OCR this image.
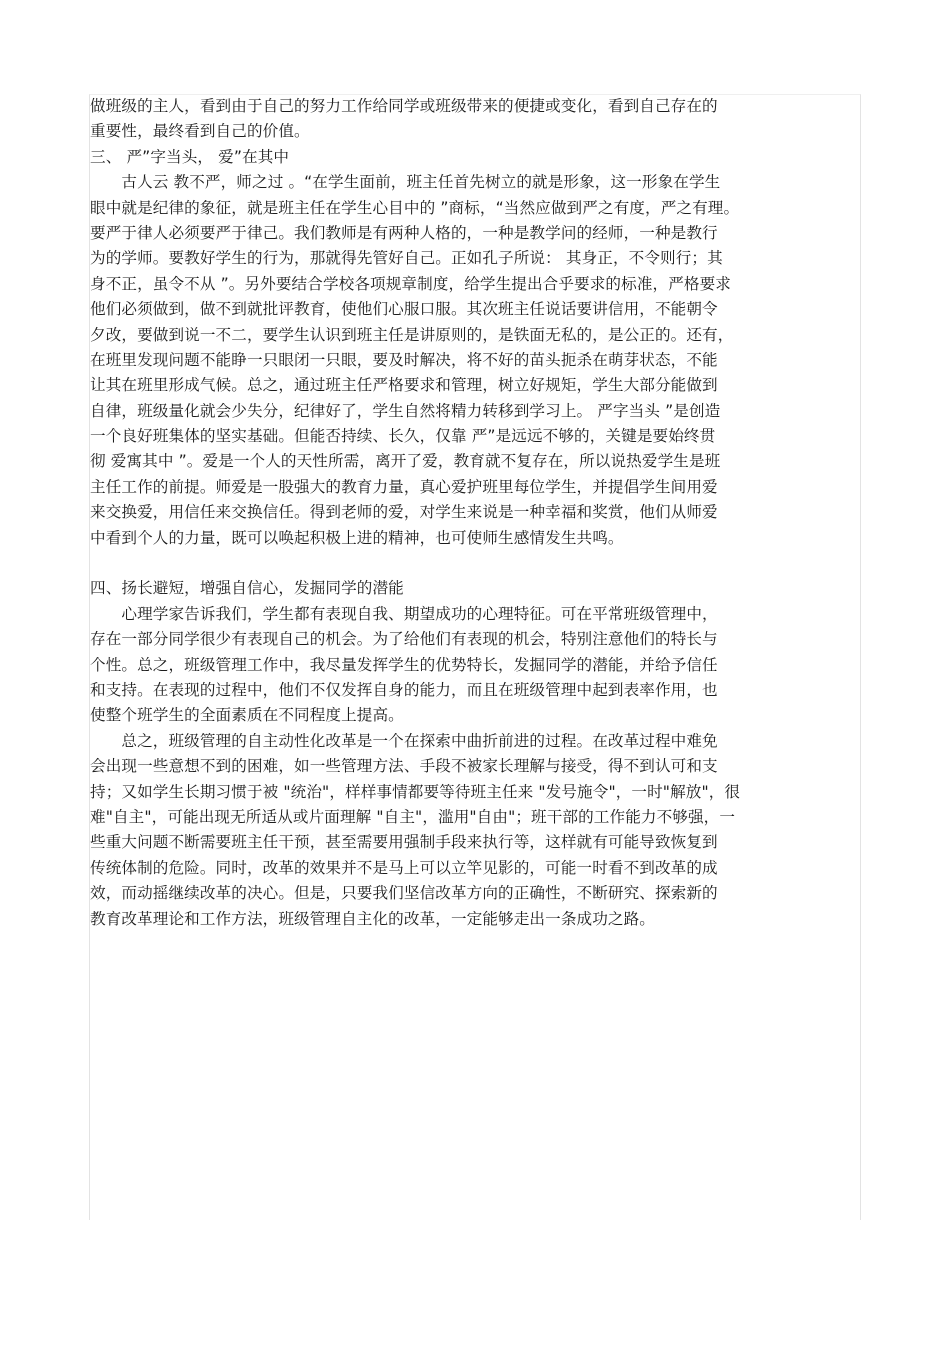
做班级的主人，看到由于自己的努力工作给同学或班级带来的便捷或变化，看到自己存在的
重要性，最终看到自己的价值。
三、 严”字当头， 爱”在其中
　　古人云 教不严，师之过 。“在学生面前，班主任首先树立的就是形象，这一形象在学生
眼中就是纪律的象征，就是班主任在学生心目中的 ”商标，“当然应做到严之有度，严之有理。
要严于律人必须要严于律己。我们教师是有两种人格的，一种是教学问的经师，一种是教行
为的学师。要教好学生的行为，那就得先管好自己。正如孔子所说： 其身正，不令则行；其
身不正，虽令不从 ”。另外要结合学校各项规章制度，给学生提出合乎要求的标准，严格要求
他们必须做到，做不到就批评教育，使他们心服口服。其次班主任说话要讲信用，不能朝令
夕改，要做到说一不二，要学生认识到班主任是讲原则的，是铁面无私的，是公正的。还有，
在班里发现问题不能睁一只眼闭一只眼，要及时解决，将不好的苗头扼杀在萌芽状态，不能
让其在班里形成气候。总之，通过班主任严格要求和管理，树立好规矩，学生大部分能做到
自律，班级量化就会少失分，纪律好了，学生自然将精力转移到学习上。 严字当头 ”是创造
一个良好班集体的坚实基础。但能否持续、长久，仅靠 严”是远远不够的，关键是要始终贯
彻 爱寓其中 ”。爱是一个人的天性所需，离开了爱，教育就不复存在，所以说热爱学生是班
主任工作的前提。师爱是一股强大的教育力量，真心爱护班里每位学生，并提倡学生间用爱
来交换爱，用信任来交换信任。得到老师的爱，对学生来说是一种幸福和奖赏，他们从师爱
中看到个人的力量，既可以唤起积极上进的精神，也可使师生感情发生共鸣。
四、扬长避短，增强自信心，发掘同学的潜能
　　心理学家告诉我们，学生都有表现自我、期望成功的心理特征。可在平常班级管理中，
存在一部分同学很少有表现自己的机会。为了给他们有表现的机会，特别注意他们的特长与
个性。总之，班级管理工作中，我尽量发挥学生的优势特长，发掘同学的潜能，并给予信任
和支持。在表现的过程中，他们不仅发挥自身的能力，而且在班级管理中起到表率作用，也
使整个班学生的全面素质在不同程度上提高。
　　总之，班级管理的自主动性化改革是一个在探索中曲折前进的过程。在改革过程中难免
会出现一些意想不到的困难，如一些管理方法、手段不被家长理解与接受，得不到认可和支
持；又如学生长期习惯于被 "统治"，样样事情都要等待班主任来 "发号施令"，一时"解放"，很
难"自主"，可能出现无所适从或片面理解 "自主"，滥用"自由"；班干部的工作能力不够强，一
些重大问题不断需要班主任干预，甚至需要用强制手段来执行等，这样就有可能导致恢复到
传统体制的危险。同时，改革的效果并不是马上可以立竿见影的，可能一时看不到改革的成
效，而动摇继续改革的决心。但是，只要我们坚信改革方向的正确性，不断研究、探索新的
教育改革理论和工作方法，班级管理自主化的改革，一定能够走出一条成功之路。
